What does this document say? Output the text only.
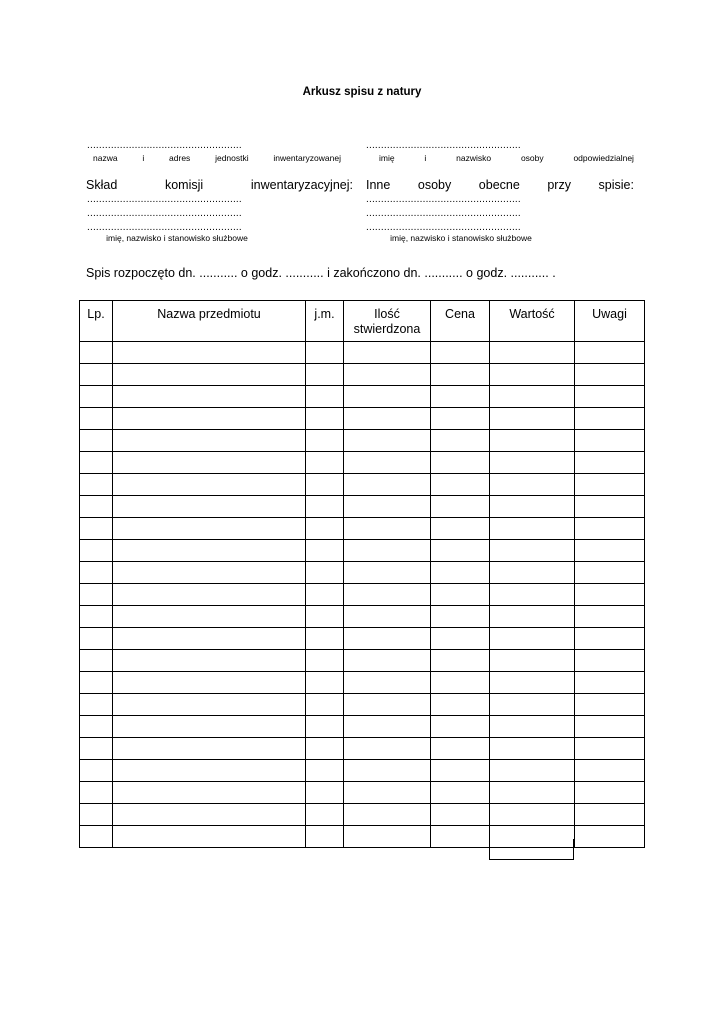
Arkusz spisu z natury
....................................................
nazwa	i	adres	jednostki	inwentaryzowanej
....................................................
imię	i	nazwisko	osoby	odpowiedzialnej
Skład	komisji	inwentaryzacyjnej: Inne osoby obecne przy spisie:
....................................................
....................................................
....................................................
imię, nazwisko i stanowisko służbowe
....................................................
....................................................
....................................................
imię, nazwisko i stanowisko służbowe
Spis rozpoczęto dn. ........... o godz. ........... i zakończono dn. ........... o godz. ........... .
Lp.	Nazwa przedmiotu	j.m.	Ilość stwierdzona	Cena	Wartość	Uwagi
